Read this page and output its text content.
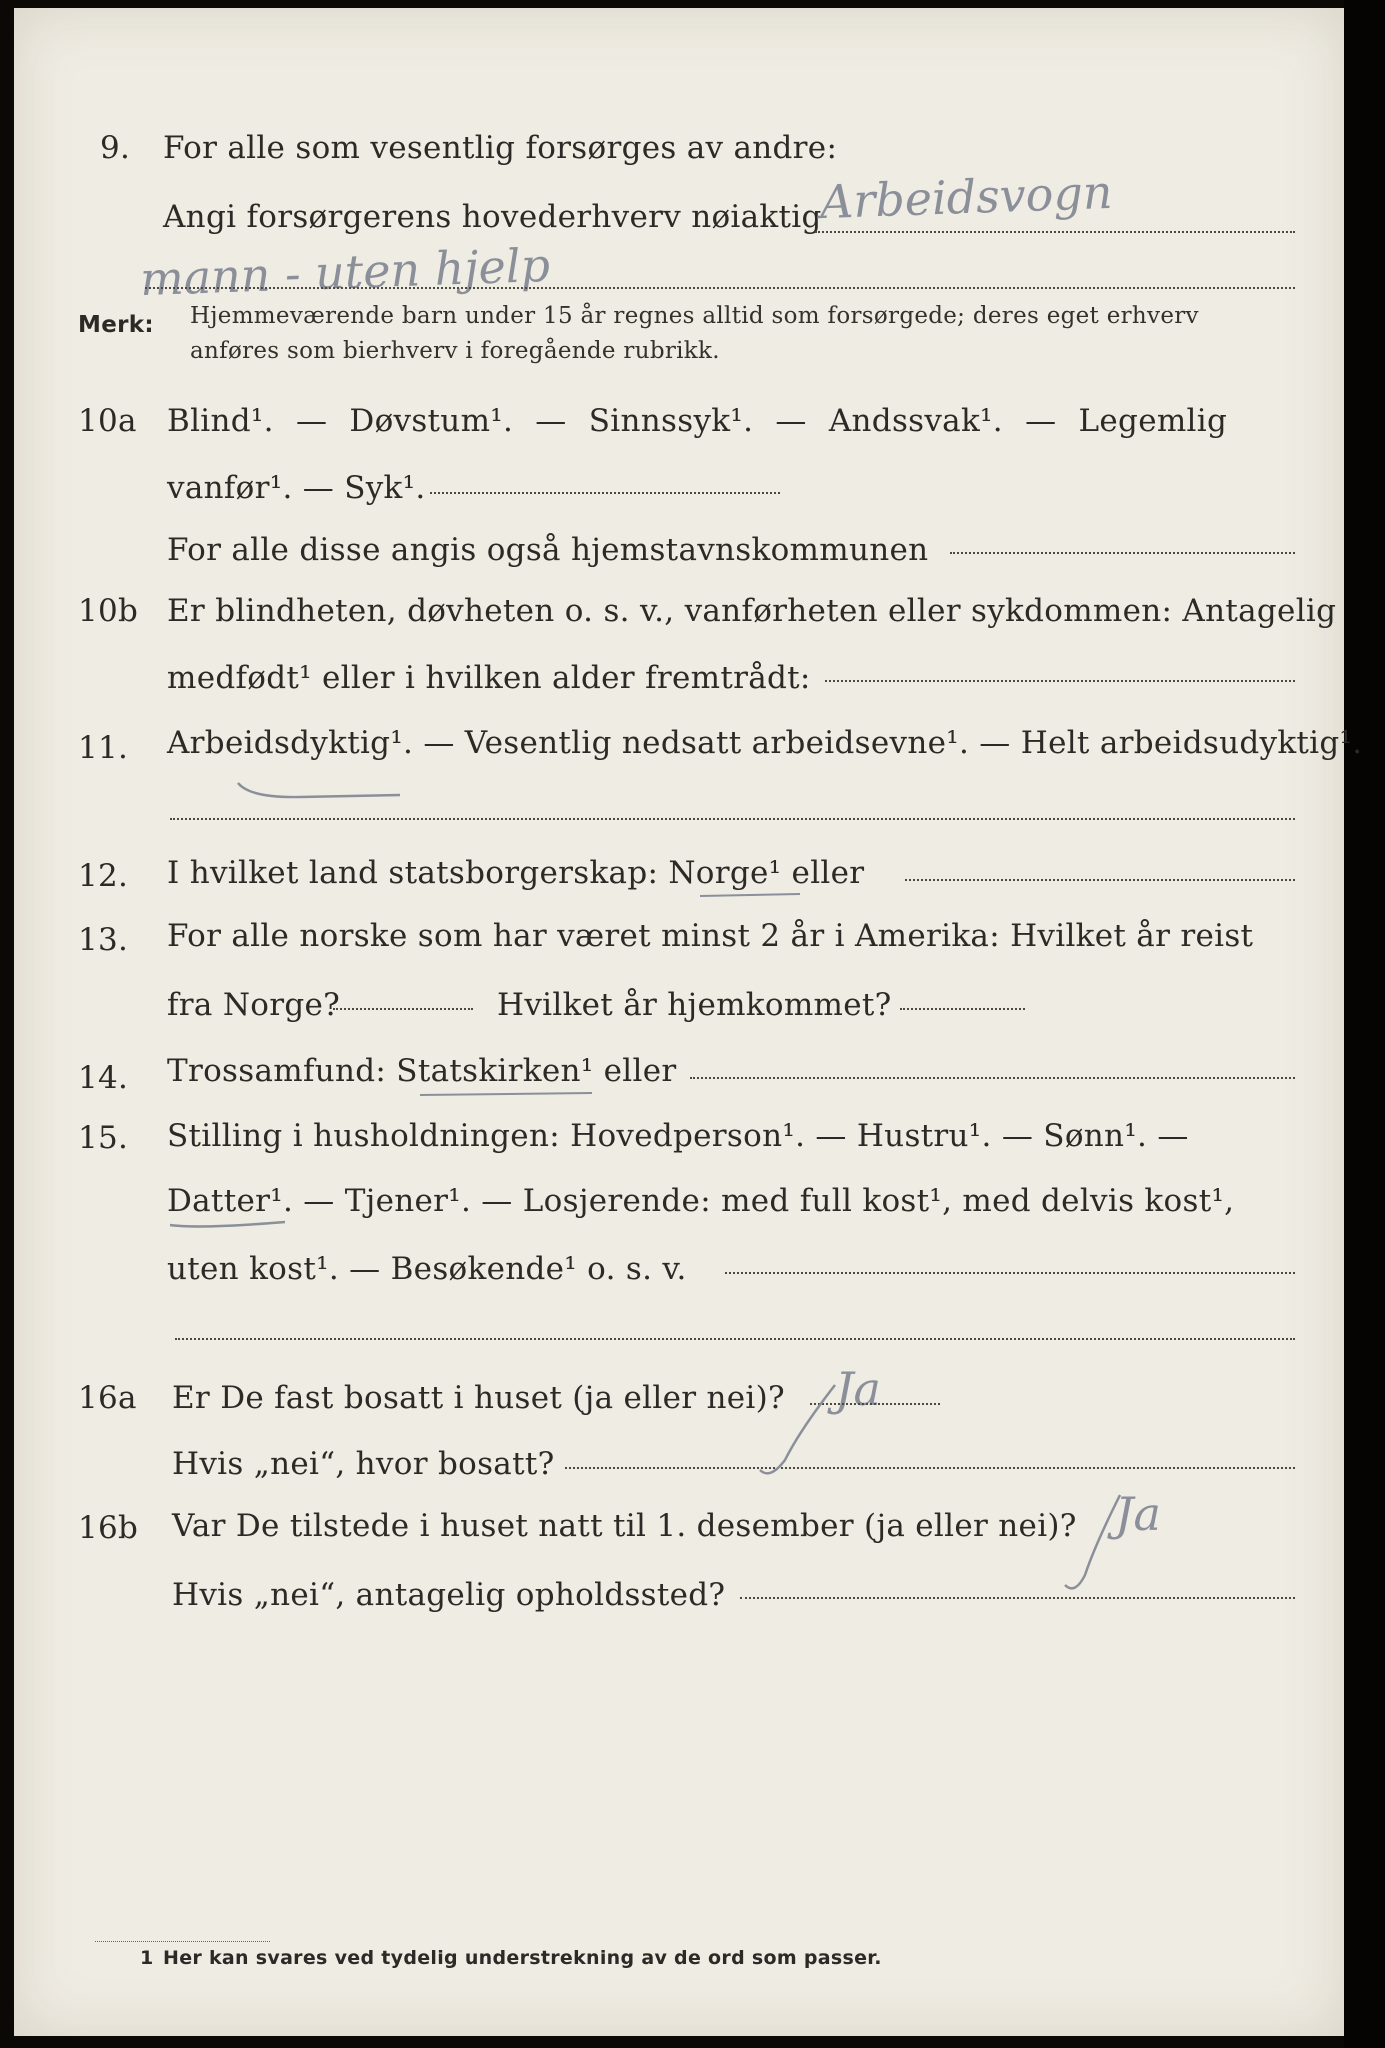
9. For alle som vesentlig forsørges av andre:
Angi forsørgerens hovederhverv nøiaktig
Arbeidsvogn
mann - uten hjelp
Merk: Hjemmeværende barn under 15 år regnes alltid som forsørgede; deres eget erhverv
anføres som bierhverv i foregående rubrikk.
10a Blind¹. — Døvstum¹. — Sinnssyk¹. — Andssvak¹. — Legemlig
vanfør¹. — Syk¹.
For alle disse angis også hjemstavnskommunen
10b Er blindheten, døvheten o. s. v., vanførheten eller sykdommen: Antagelig
medfødt¹ eller i hvilken alder fremtrådt:
11. Arbeidsdyktig¹. — Vesentlig nedsatt arbeidsevne¹. — Helt arbeidsudyktig¹.
12. I hvilket land statsborgerskap: Norge¹ eller
13. For alle norske som har været minst 2 år i Amerika: Hvilket år reist
fra Norge?	Hvilket år hjemkommet?
14. Trossamfund: Statskirken¹ eller
15. Stilling i husholdningen: Hovedperson¹. — Hustru¹. — Sønn¹. —
Datter¹. — Tjener¹. — Losjerende: med full kost¹, med delvis kost¹,
uten kost¹. — Besøkende¹ o. s. v.
16a Er De fast bosatt i huset (ja eller nei)? Ja
Hvis „nei“, hvor bosatt?
16b Var De tilstede i huset natt til 1. desember (ja eller nei)? Ja
Hvis „nei“, antagelig opholdssted?
1 Her kan svares ved tydelig understrekning av de ord som passer.
